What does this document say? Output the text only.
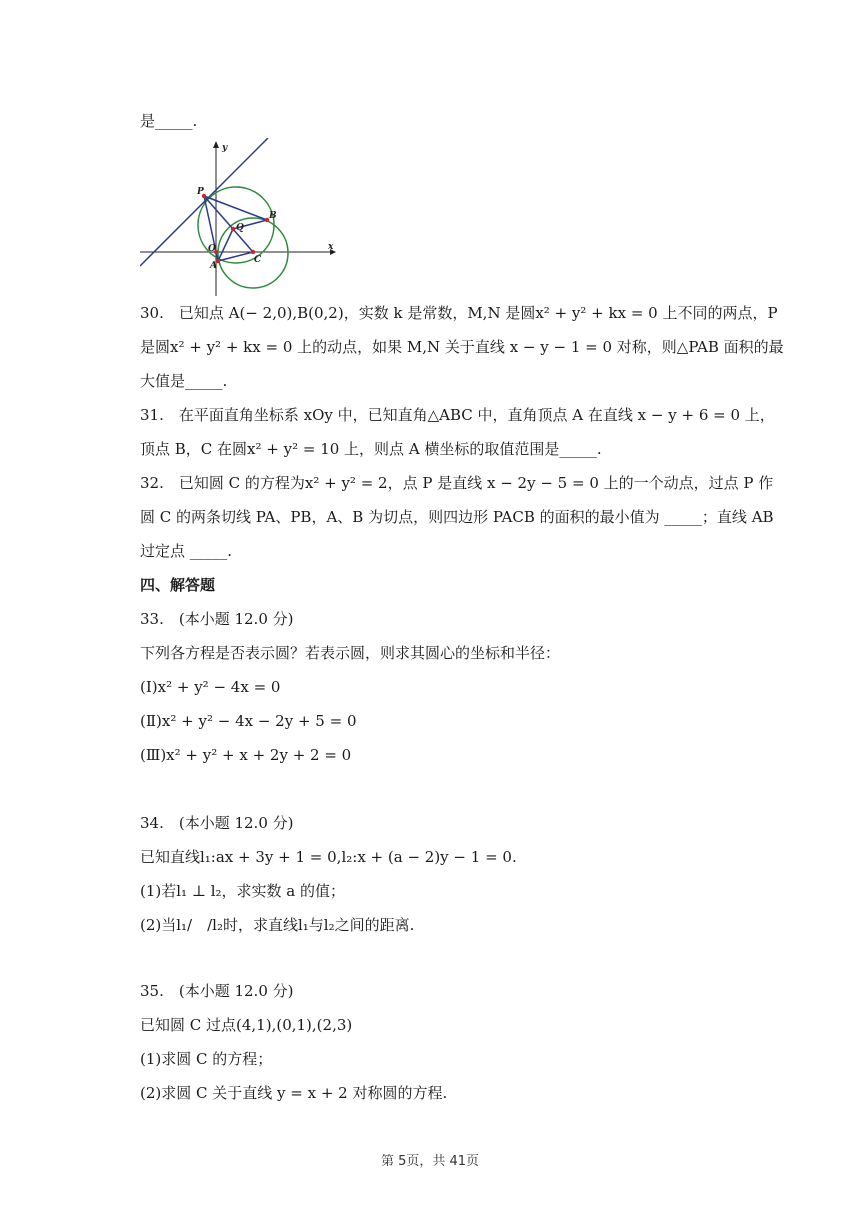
是_____.
y
x
P
B
Q
O
A
C
30.　已知点 A(− 2,0),B(0,2)，实数 k 是常数，M,N 是圆x² + y² + kx = 0 上不同的两点，P
是圆x² + y² + kx = 0 上的动点，如果 M,N 关于直线 x − y − 1 = 0 对称，则△PAB 面积的最
大值是_____.
31.　在平面直角坐标系 xOy 中，已知直角△ABC 中，直角顶点 A 在直线 x − y + 6 = 0 上，
顶点 B，C 在圆x² + y² = 10 上，则点 A 横坐标的取值范围是_____.
32.　已知圆 C 的方程为x² + y² = 2，点 P 是直线 x − 2y − 5 = 0 上的一个动点，过点 P 作
圆 C 的两条切线 PA、PB，A、B 为切点，则四边形 PACB 的面积的最小值为 _____；直线 AB
过定点 _____.
四、解答题
33.　(本小题 12.0 分)
下列各方程是否表示圆？若表示圆，则求其圆心的坐标和半径：
(Ⅰ)x² + y² − 4x = 0
(Ⅱ)x² + y² − 4x − 2y + 5 = 0
(Ⅲ)x² + y² + x + 2y + 2 = 0
34.　(本小题 12.0 分)
已知直线l₁:ax + 3y + 1 = 0,l₂:x + (a − 2)y − 1 = 0.
(1)若l₁ ⊥ l₂，求实数 a 的值；
(2)当l₁/　/l₂时，求直线l₁与l₂之间的距离.
35.　(本小题 12.0 分)
已知圆 C 过点(4,1),(0,1),(2,3)
(1)求圆 C 的方程；
(2)求圆 C 关于直线 y = x + 2 对称圆的方程.
第 5页，共 41页
